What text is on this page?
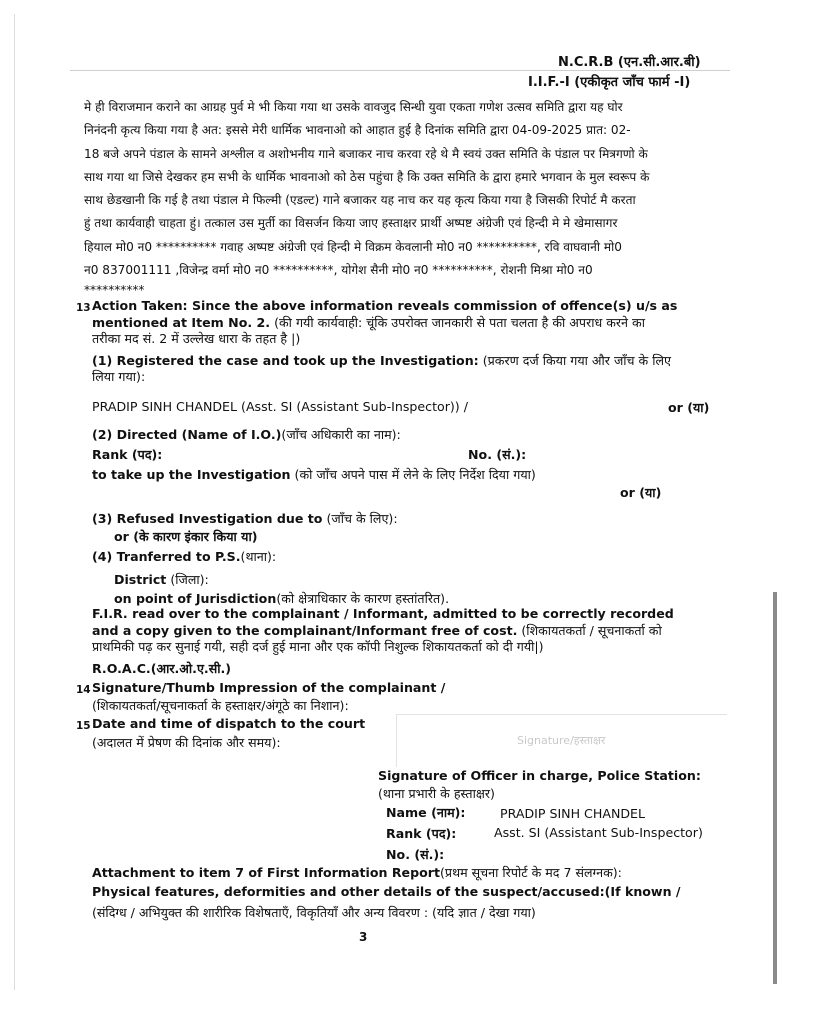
N.C.R.B (एन.सी.आर.बी)
I.I.F.-I (एकीकृत जाँच फार्म -I)
मे ही विराजमान कराने का आग्रह पुर्व मे भी किया गया था उसके वावजुद सिन्धी युवा एकता गणेश उत्सव समिति द्वारा यह घोर
निनंदनी कृत्य किया गया है अत: इससे मेरी धार्मिक भावनाओ को आहात हुई है दिनांक समिति द्वारा 04-09-2025 प्रात: 02-
18 बजे अपने पंडाल के सामने अश्लील व अशोभनीय गाने बजाकर नाच करवा रहे थे मै स्वयं उक्त समिति के पंडाल पर मित्रगणो के
साथ गया था जिसे देखकर हम सभी के धार्मिक भावनाओ को ठेस पहुंचा है कि उक्त समिति के द्वारा हमारे भगवान के मुल स्वरूप के
साथ छेडखानी कि गई है तथा पंडाल मे फिल्मी (एडल्ट) गाने बजाकर यह नाच कर यह कृत्य किया गया है जिसकी रिपोर्ट मै करता
हुं तथा कार्यवाही चाहता हुं। तत्काल उस मुर्ती का विसर्जन किया जाए हस्ताक्षर प्रार्थी अष्पष्ट अंग्रेजी एवं हिन्दी मे मे खेमासागर
हियाल मो0 न0 ********** गवाह अष्पष्ट अंग्रेजी एवं हिन्दी मे विक्रम केवलानी मो0 न0 **********, रवि वाघवानी मो0
न0 837001111 ,विजेन्द्र वर्मा मो0 न0 **********, योगेश सैनी मो0 न0 **********, रोशनी मिश्रा मो0 न0
**********
13 Action Taken: Since the above information reveals commission of offence(s) u/s as
mentioned at Item No. 2. (की गयी कार्यवाही: चूंकि उपरोक्त जानकारी से पता चलता है की अपराध करने का
तरीका मद सं. 2 में उल्लेख धारा के तहत है |)
(1) Registered the case and took up the Investigation: (प्रकरण दर्ज किया गया और जाँच के लिए
लिया गया):
PRADIP SINH CHANDEL (Asst. SI (Assistant Sub-Inspector)) /	or (या)
(2) Directed (Name of I.O.)(जाँच अधिकारी का नाम):
Rank (पद):	No. (सं.):
to take up the Investigation (को जाँच अपने पास में लेने के लिए निर्देश दिया गया)
or (या)
(3) Refused Investigation due to (जाँच के लिए):
or (के कारण इंकार किया या)
(4) Tranferred to P.S.(थाना):
District (जिला):
on point of Jurisdiction(को क्षेत्राधिकार के कारण हस्तांतरित).
F.I.R. read over to the complainant / Informant, admitted to be correctly recorded
and a copy given to the complainant/Informant free of cost. (शिकायतकर्ता / सूचनाकर्ता को
प्राथमिकी पढ़ कर सुनाई गयी, सही दर्ज हुई माना और एक कॉपी निशुल्क शिकायतकर्ता को दी गयी|)
R.O.A.C.(आर.ओ.ए.सी.)
14 Signature/Thumb Impression of the complainant /
(शिकायतकर्ता/सूचनाकर्ता के हस्ताक्षर/अंगूठे का निशान):
15 Date and time of dispatch to the court
(अदालत में प्रेषण की दिनांक और समय):	Signature/हस्ताक्षर
Signature of Officer in charge, Police Station:
(थाना प्रभारी के हस्ताक्षर)
Name (नाम):	PRADIP SINH CHANDEL
Rank (पद):	Asst. SI (Assistant Sub-Inspector)
No. (सं.):
Attachment to item 7 of First Information Report(प्रथम सूचना रिपोर्ट के मद 7 संलग्नक):
Physical features, deformities and other details of the suspect/accused:(If known /
(संदिग्ध / अभियुक्त की शारीरिक विशेषताएँ, विकृतियाँ और अन्य विवरण : (यदि ज्ञात / देखा गया)
3
